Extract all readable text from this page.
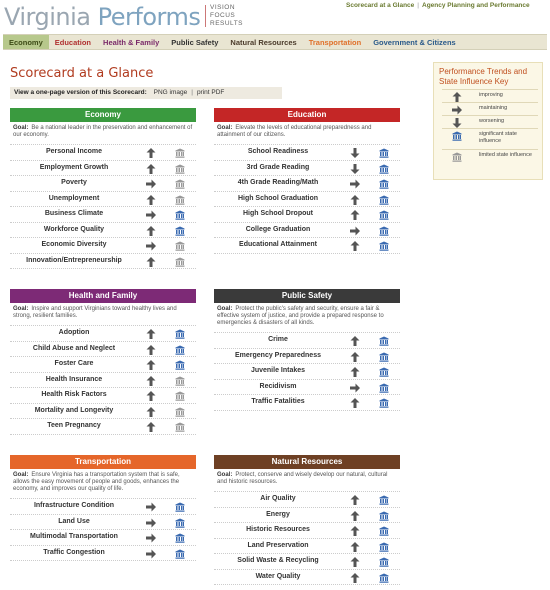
Virginia Performs VISION
FOCUS
RESULTS
Scorecard at a Glance | Agency Planning and Performance
Economy	Education	Health & Family	Public Safety	Natural Resources	Transportation	Government & Citizens
Scorecard at a Glance
View a one-page version of this Scorecard: PNG image | print PDF
Performance Trends and State Influence Key
improving
maintaining
worsening
significant state influence
limited state influence
Economy
Goal: Be a national leader in the preservation and enhancement of our economy.
Personal Income
Employment Growth
Poverty
Unemployment
Business Climate
Workforce Quality
Economic Diversity
Innovation/Entrepreneurship
Education
Goal: Elevate the levels of educational preparedness and attainment of our citizens.
School Readiness
3rd Grade Reading
4th Grade Reading/Math
High School Graduation
High School Dropout
College Graduation
Educational Attainment
Health and Family
Goal: Inspire and support Virginians toward healthy lives and strong, resilient families.
Adoption
Child Abuse and Neglect
Foster Care
Health Insurance
Health Risk Factors
Mortality and Longevity
Teen Pregnancy
Public Safety
Goal: Protect the public's safety and security, ensure a fair & effective system of justice, and provide a prepared response to emergencies & disasters of all kinds.
Crime
Emergency Preparedness
Juvenile Intakes
Recidivism
Traffic Fatalities
Transportation
Goal: Ensure Virginia has a transportation system that is safe, allows the easy movement of people and goods, enhances the economy, and improves our quality of life.
Infrastructure Condition
Land Use
Multimodal Transportation
Traffic Congestion
Natural Resources
Goal: Protect, conserve and wisely develop our natural, cultural and historic resources.
Air Quality
Energy
Historic Resources
Land Preservation
Solid Waste & Recycling
Water Quality
